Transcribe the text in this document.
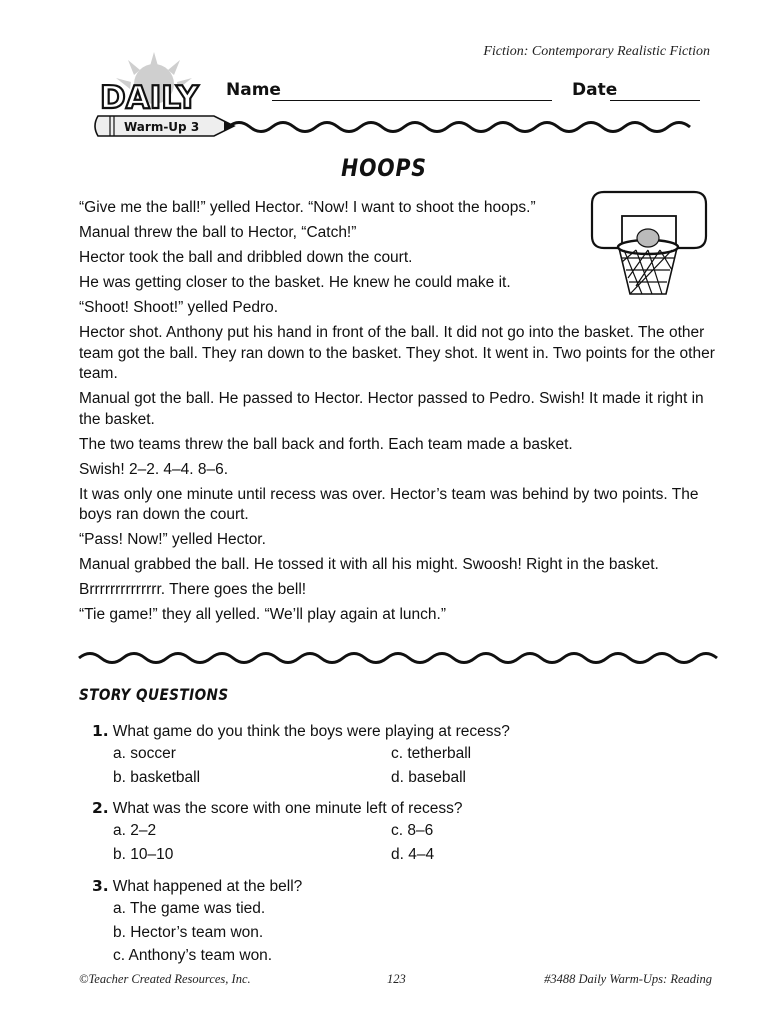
Fiction: Contemporary Realistic Fiction
DAILY
Warm-Up 3
Name	Date
HOOPS

“Give me the ball!” yelled Hector. “Now! I want to shoot the hoops.”

Manual threw the ball to Hector, “Catch!”

Hector took the ball and dribbled down the court.

He was getting closer to the basket. He knew he could make it.

“Shoot! Shoot!” yelled Pedro.

Hector shot. Anthony put his hand in front of the ball. It did not go into the basket. The other team got the ball. They ran down to the basket. They shot. It went in. Two points for the other team.

Manual got the ball. He passed to Hector. Hector passed to Pedro. Swish! It made it right in the basket.

The two teams threw the ball back and forth. Each team made a basket.

Swish! 2–2. 4–4. 8–6.

It was only one minute until recess was over. Hector’s team was behind by two points. The boys ran down the court.

“Pass! Now!” yelled Hector.

Manual grabbed the ball. He tossed it with all his might. Swoosh! Right in the basket.

Brrrrrrrrrrrrrr. There goes the bell!

“Tie game!” they all yelled. “We’ll play again at lunch.”

STORY QUESTIONS
1. What game do you think the boys were playing at recess?
a. soccer
b. basketball
c. tetherball
d. baseball
2. What was the score with one minute left of recess?
a. 2–2
b. 10–10
c. 8–6
d. 4–4
3. What happened at the bell?
a. The game was tied.
b. Hector’s team won.
c. Anthony’s team won.
©Teacher Created Resources, Inc.	123	#3488 Daily Warm-Ups: Reading
